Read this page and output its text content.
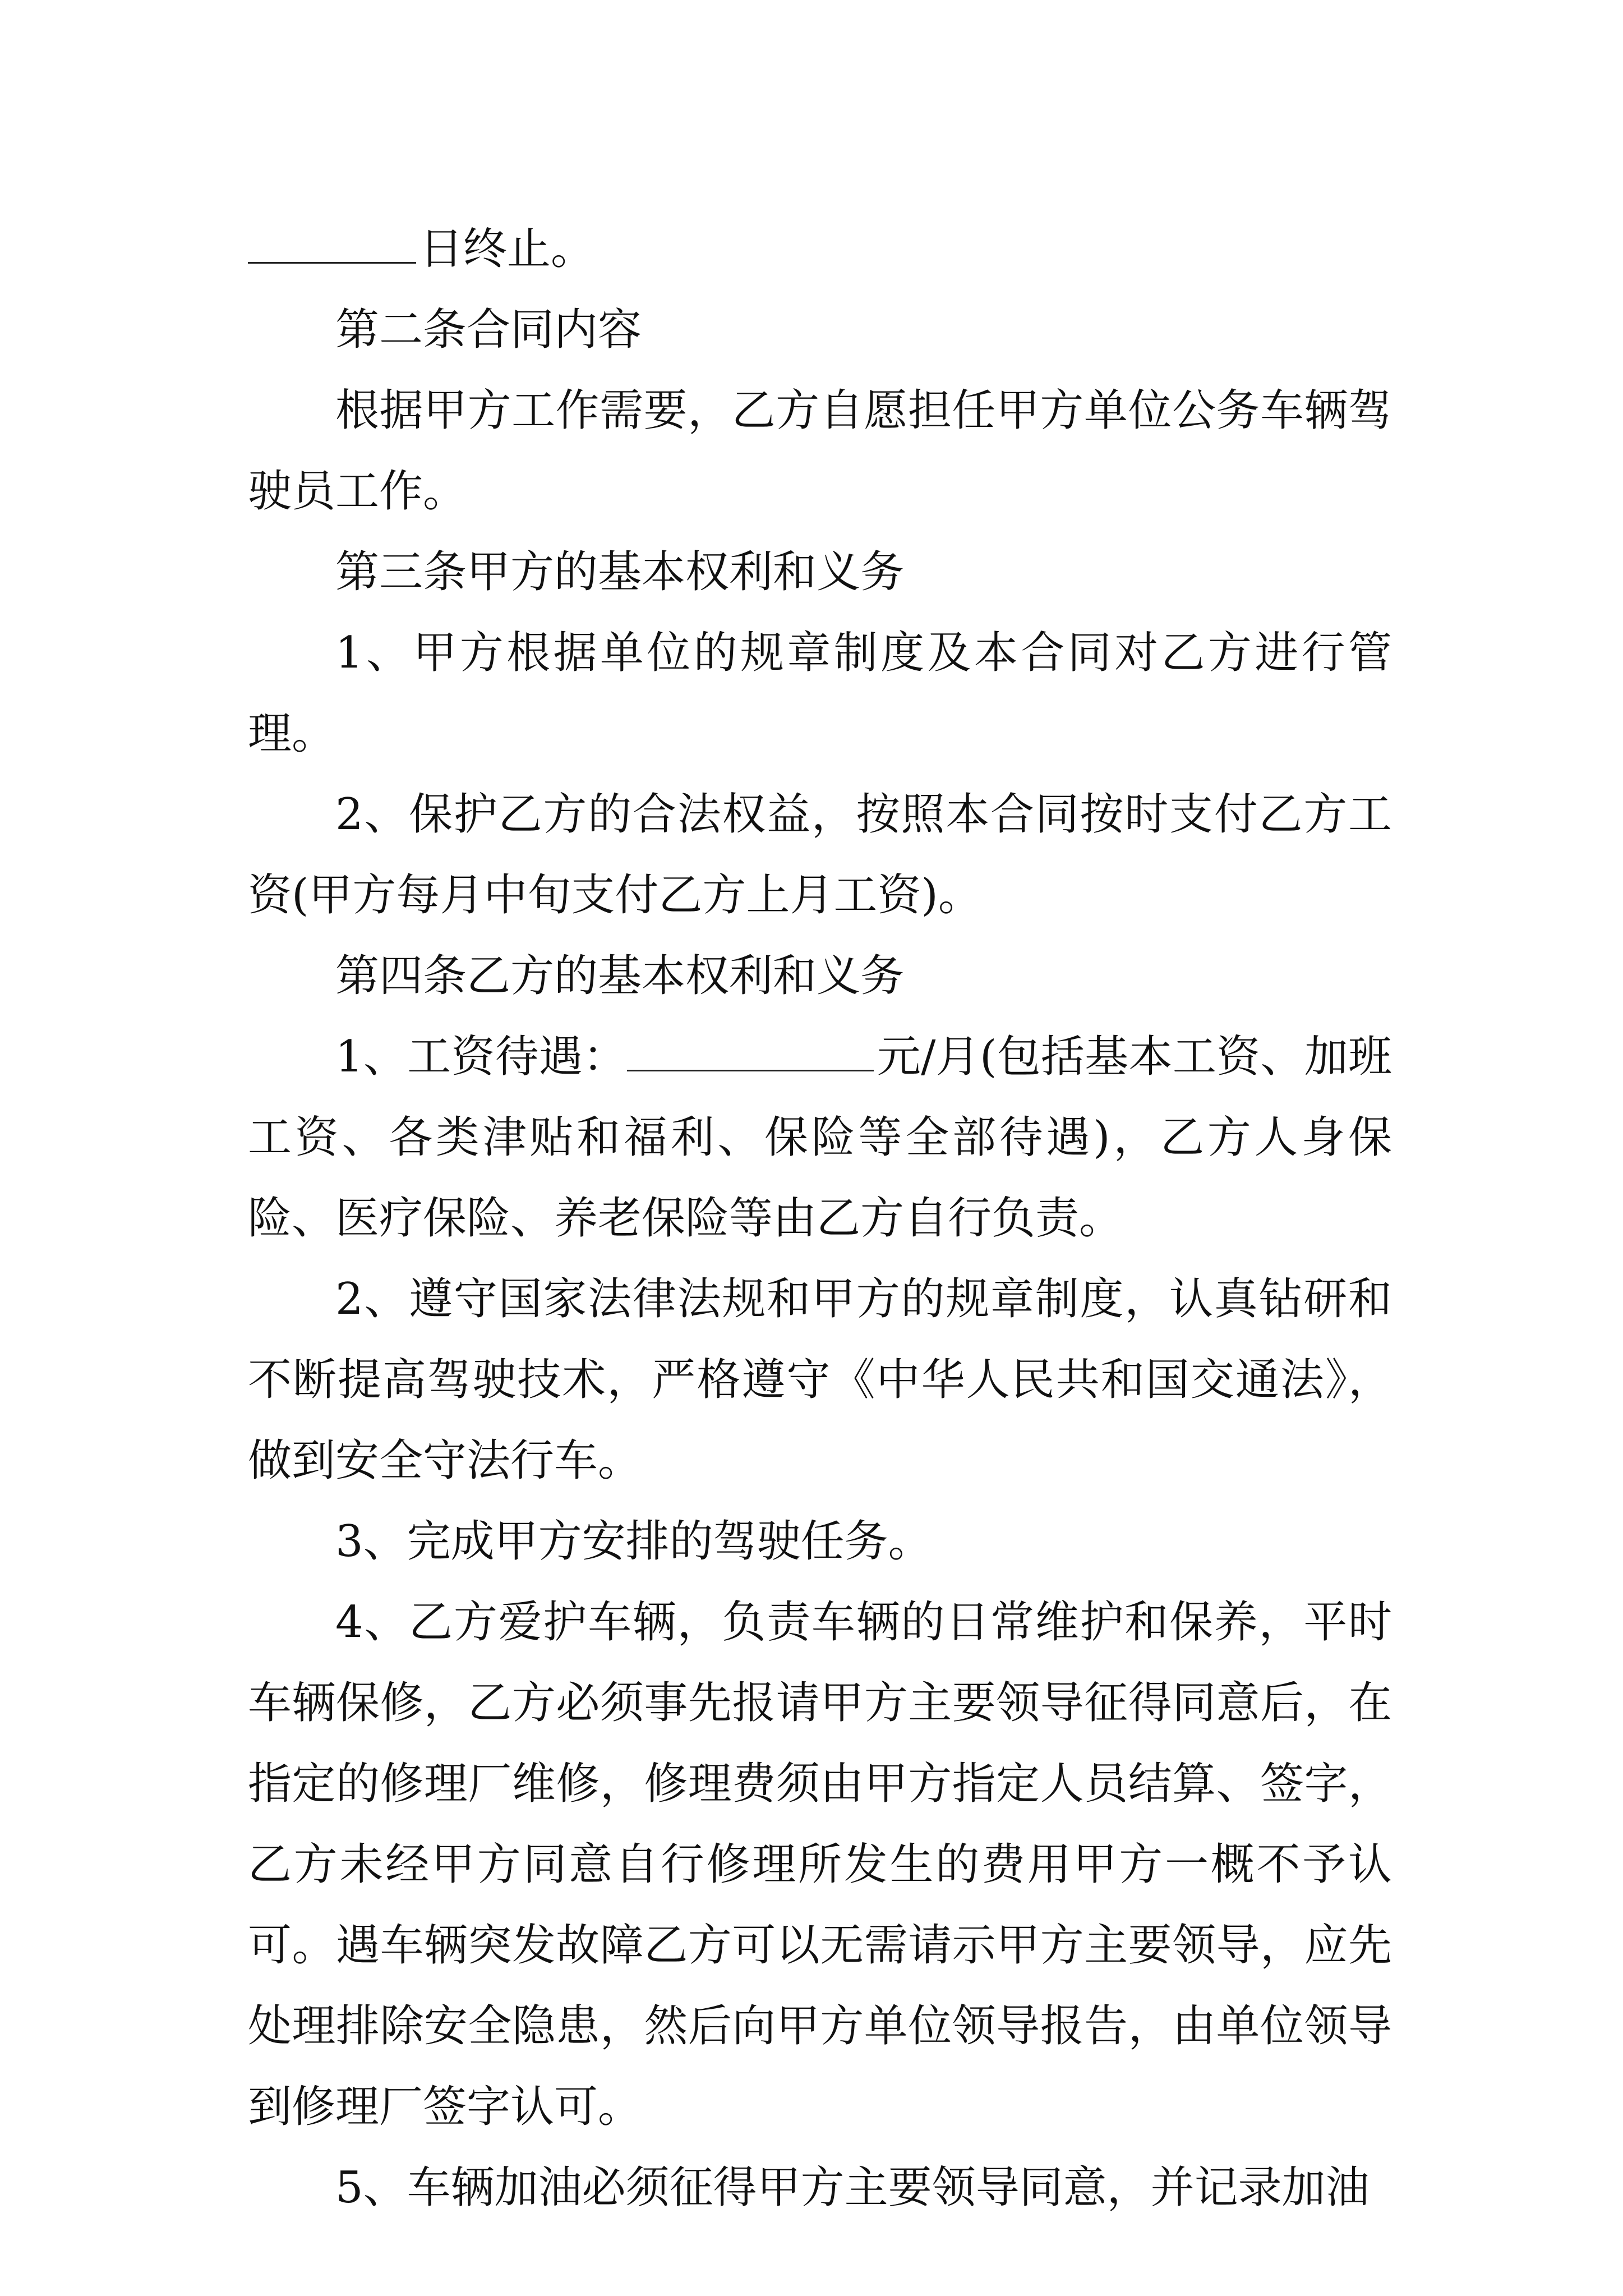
日终止。

第二条合同内容

根据甲方工作需要，乙方自愿担任甲方单位公务车辆驾驶员工作。

第三条甲方的基本权利和义务

1、甲方根据单位的规章制度及本合同对乙方进行管理。

2、保护乙方的合法权益，按照本合同按时支付乙方工资(甲方每月中旬支付乙方上月工资)。

第四条乙方的基本权利和义务

1、工资待遇：	元/月(包括基本工资、加班工资、各类津贴和福利、保险等全部待遇)，乙方人身保险、医疗保险、养老保险等由乙方自行负责。

2、遵守国家法律法规和甲方的规章制度，认真钻研和不断提高驾驶技术，严格遵守《中华人民共和国交通法》，做到安全守法行车。

3、完成甲方安排的驾驶任务。

4、乙方爱护车辆，负责车辆的日常维护和保养，平时车辆保修，乙方必须事先报请甲方主要领导征得同意后，在指定的修理厂维修，修理费须由甲方指定人员结算、签字，乙方未经甲方同意自行修理所发生的费用甲方一概不予认可。遇车辆突发故障乙方可以无需请示甲方主要领导，应先处理排除安全隐患，然后向甲方单位领导报告，由单位领导到修理厂签字认可。

5、车辆加油必须征得甲方主要领导同意，并记录加油
